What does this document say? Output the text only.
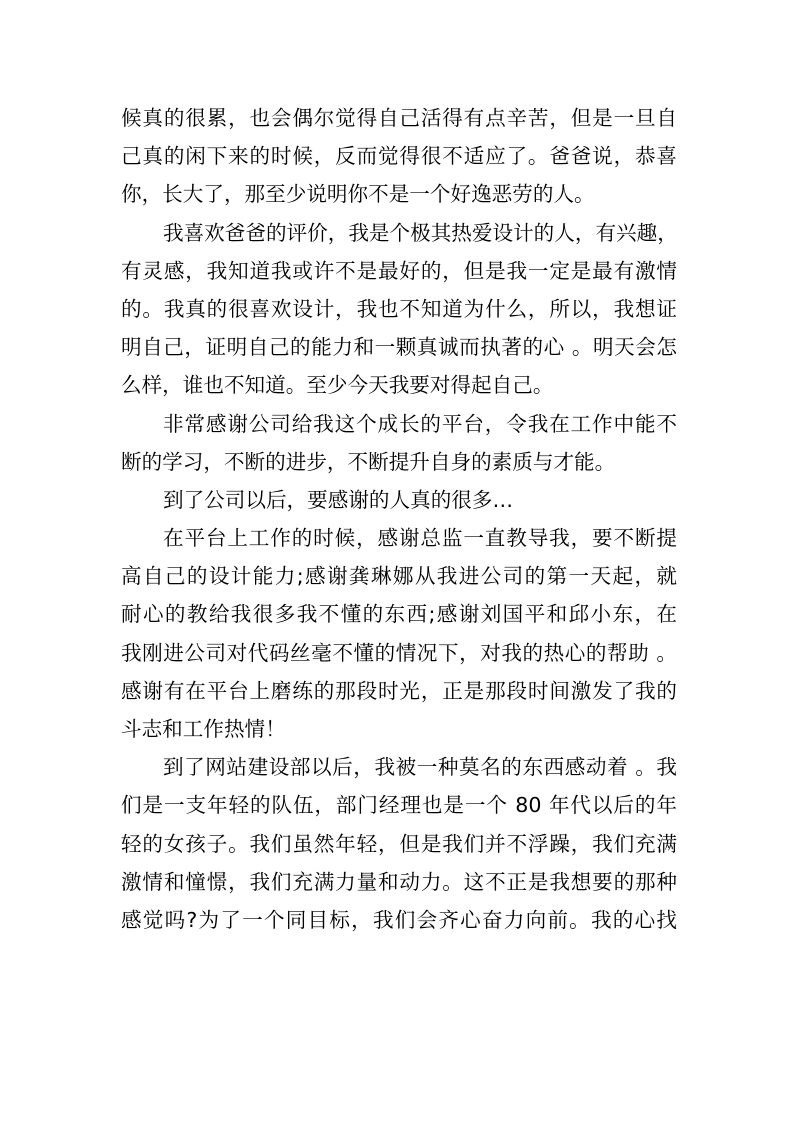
候真的很累，也会偶尔觉得自己活得有点辛苦，但是一旦自
己真的闲下来的时候，反而觉得很不适应了。爸爸说，恭喜
你，长大了，那至少说明你不是一个好逸恶劳的人。
我喜欢爸爸的评价，我是个极其热爱设计的人，有兴趣，
有灵感，我知道我或许不是最好的，但是我一定是最有激情
的。我真的很喜欢设计，我也不知道为什么，所以，我想证
明自己，证明自己的能力和一颗真诚而执著的心 。明天会怎
么样，谁也不知道。至少今天我要对得起自己。
非常感谢公司给我这个成长的平台，令我在工作中能不
断的学习，不断的进步，不断提升自身的素质与才能。
到了公司以后，要感谢的人真的很多…
在平台上工作的时候，感谢总监一直教导我，要不断提
高自己的设计能力;感谢龚琳娜从我进公司的第一天起，就
耐心的教给我很多我不懂的东西;感谢刘国平和邱小东，在
我刚进公司对代码丝毫不懂的情况下，对我的热心的帮助 。
感谢有在平台上磨练的那段时光，正是那段时间激发了我的
斗志和工作热情！
到了网站建设部以后，我被一种莫名的东西感动着 。我
们是一支年轻的队伍，部门经理也是一个 80 年代以后的年
轻的女孩子。我们虽然年轻，但是我们并不浮躁，我们充满
激情和憧憬，我们充满力量和动力。这不正是我想要的那种
感觉吗?为了一个同目标，我们会齐心奋力向前。我的心找
